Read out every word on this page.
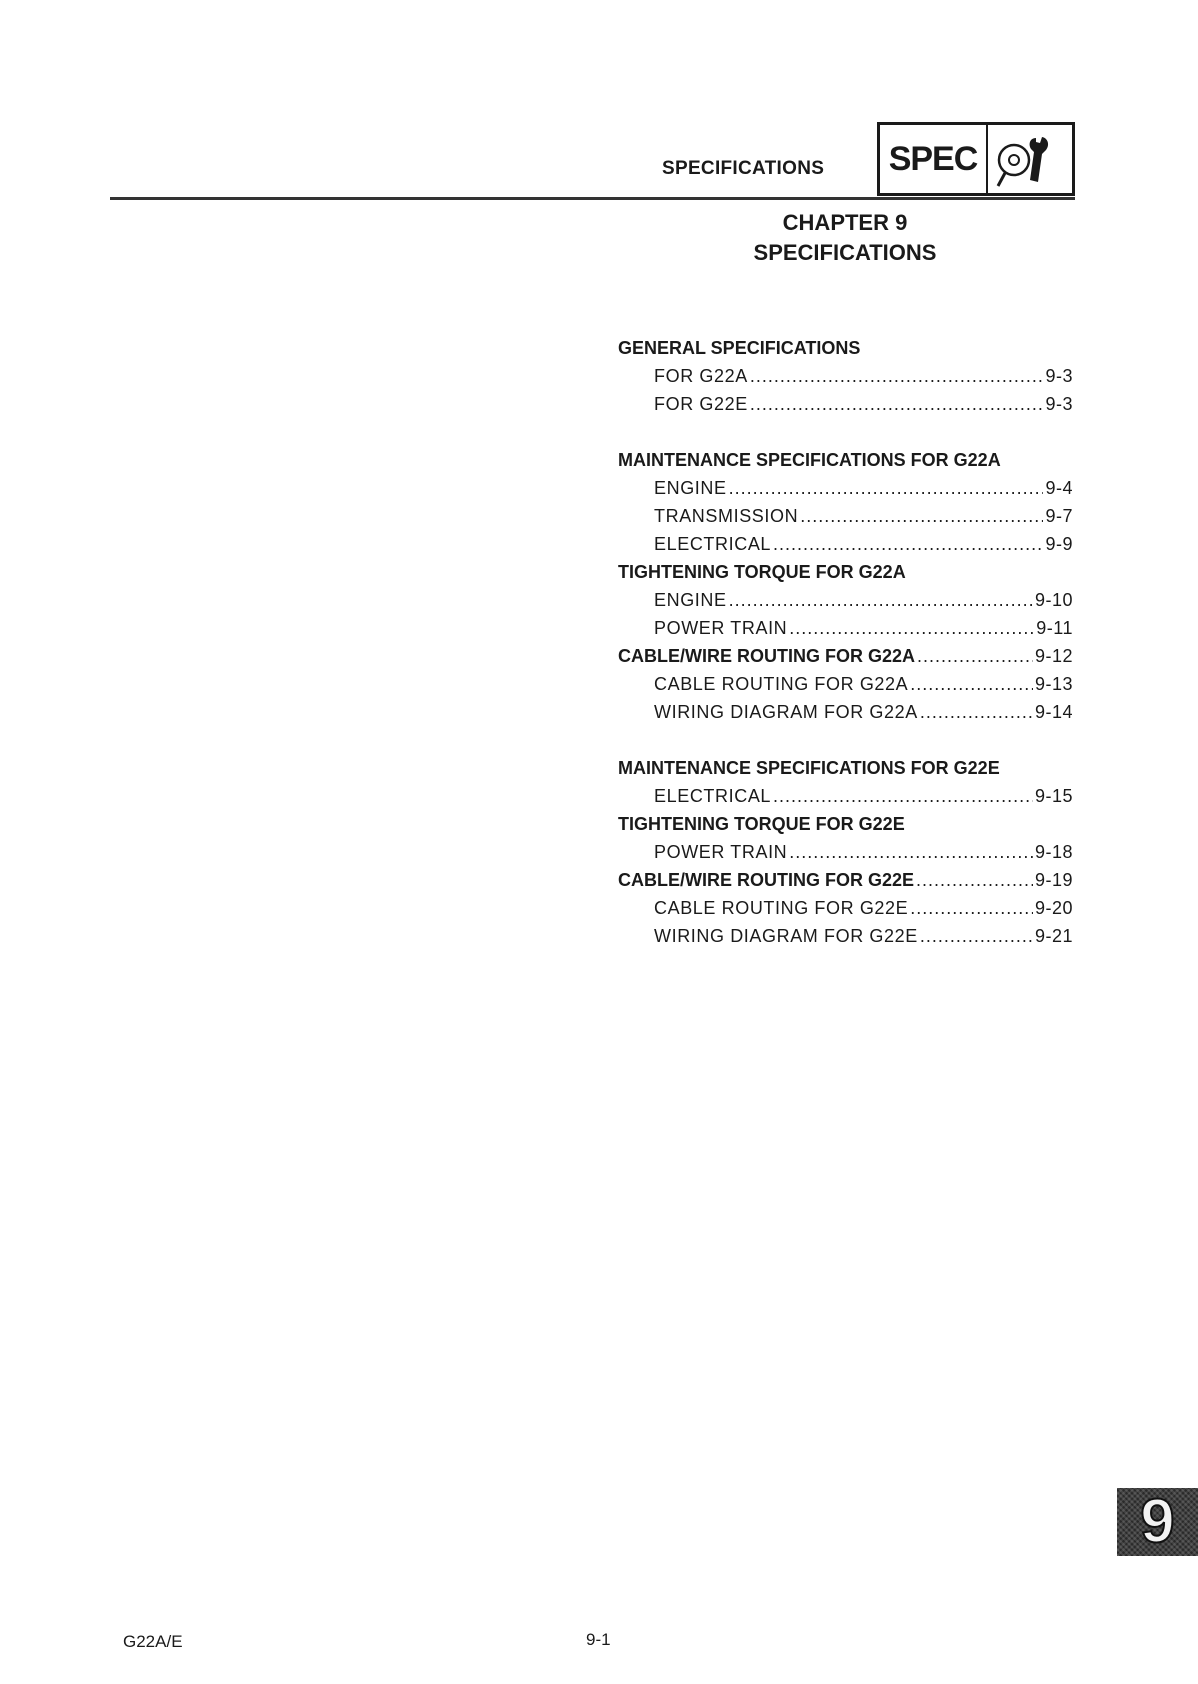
SPECIFICATIONS SPEC
CHAPTER 9
SPECIFICATIONS
GENERAL SPECIFICATIONS
FOR G22A .....	9-3
FOR G22E .....	9-3
MAINTENANCE SPECIFICATIONS FOR G22A
ENGINE .....	9-4
TRANSMISSION .....	9-7
ELECTRICAL .....	9-9
TIGHTENING TORQUE FOR G22A
ENGINE .....	9-10
POWER TRAIN .....	9-11
CABLE/WIRE ROUTING FOR G22A .....	9-12
CABLE ROUTING FOR G22A .....	9-13
WIRING DIAGRAM FOR G22A .....	9-14
MAINTENANCE SPECIFICATIONS FOR G22E
ELECTRICAL .....	9-15
TIGHTENING TORQUE FOR G22E
POWER TRAIN .....	9-18
CABLE/WIRE ROUTING FOR G22E .....	9-19
CABLE ROUTING FOR G22E .....	9-20
WIRING DIAGRAM FOR G22E .....	9-21
9
G22A/E	9-1
